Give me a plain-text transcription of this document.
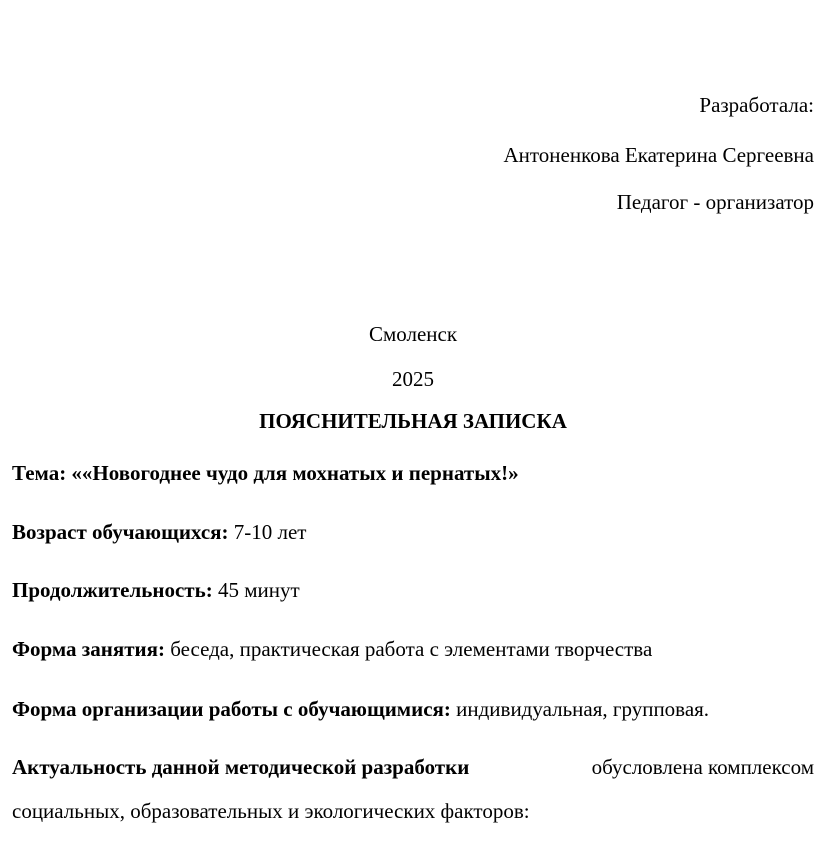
Разработала:
Антоненкова Екатерина Сергеевна
Педагог - организатор
Смоленск
2025
ПОЯСНИТЕЛЬНАЯ ЗАПИСКА
Тема: ««Новогоднее чудо для мохнатых и пернатых!»
Возраст обучающихся: 7-10 лет
Продолжительность: 45 минут
Форма занятия: беседа, практическая работа с элементами творчества
Форма организации работы с обучающимися: индивидуальная, групповая.
Актуальность данной методической разработки	обусловлена комплексом
социальных, образовательных и экологических факторов:
